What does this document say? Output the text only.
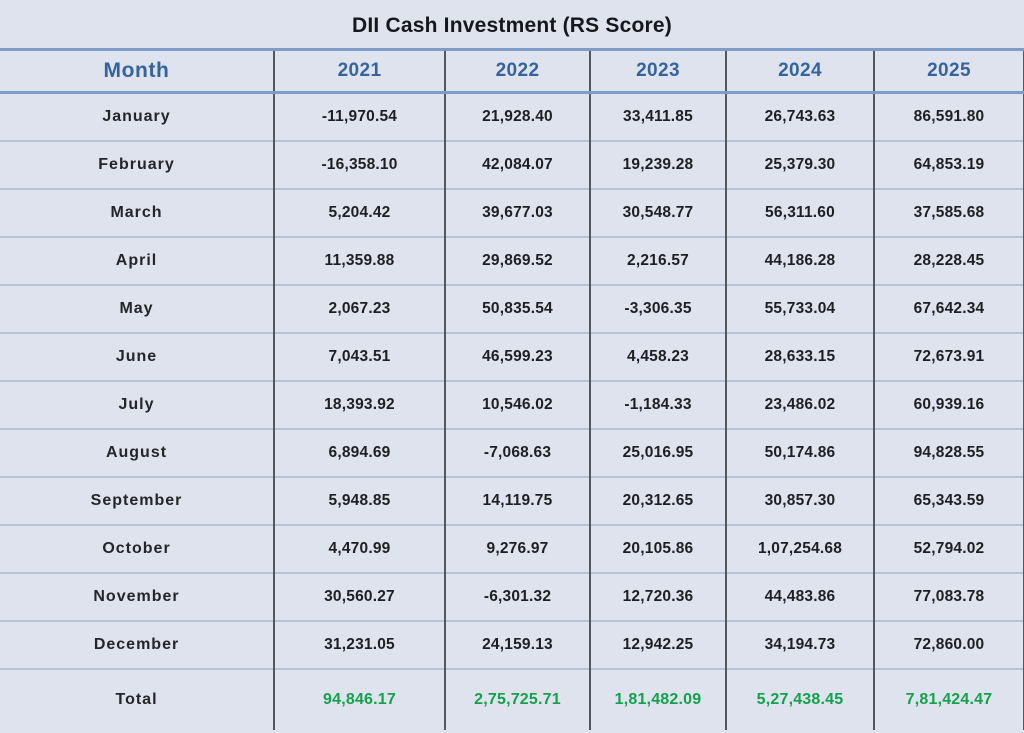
DII Cash Investment (RS Score)
Month	2021	2022	2023	2024	2025
January	-11,970.54	21,928.40	33,411.85	26,743.63	86,591.80
February	-16,358.10	42,084.07	19,239.28	25,379.30	64,853.19
March	5,204.42	39,677.03	30,548.77	56,311.60	37,585.68
April	11,359.88	29,869.52	2,216.57	44,186.28	28,228.45
May	2,067.23	50,835.54	-3,306.35	55,733.04	67,642.34
June	7,043.51	46,599.23	4,458.23	28,633.15	72,673.91
July	18,393.92	10,546.02	-1,184.33	23,486.02	60,939.16
August	6,894.69	-7,068.63	25,016.95	50,174.86	94,828.55
September	5,948.85	14,119.75	20,312.65	30,857.30	65,343.59
October	4,470.99	9,276.97	20,105.86	1,07,254.68	52,794.02
November	30,560.27	-6,301.32	12,720.36	44,483.86	77,083.78
December	31,231.05	24,159.13	12,942.25	34,194.73	72,860.00
Total	94,846.17	2,75,725.71	1,81,482.09	5,27,438.45	7,81,424.47
